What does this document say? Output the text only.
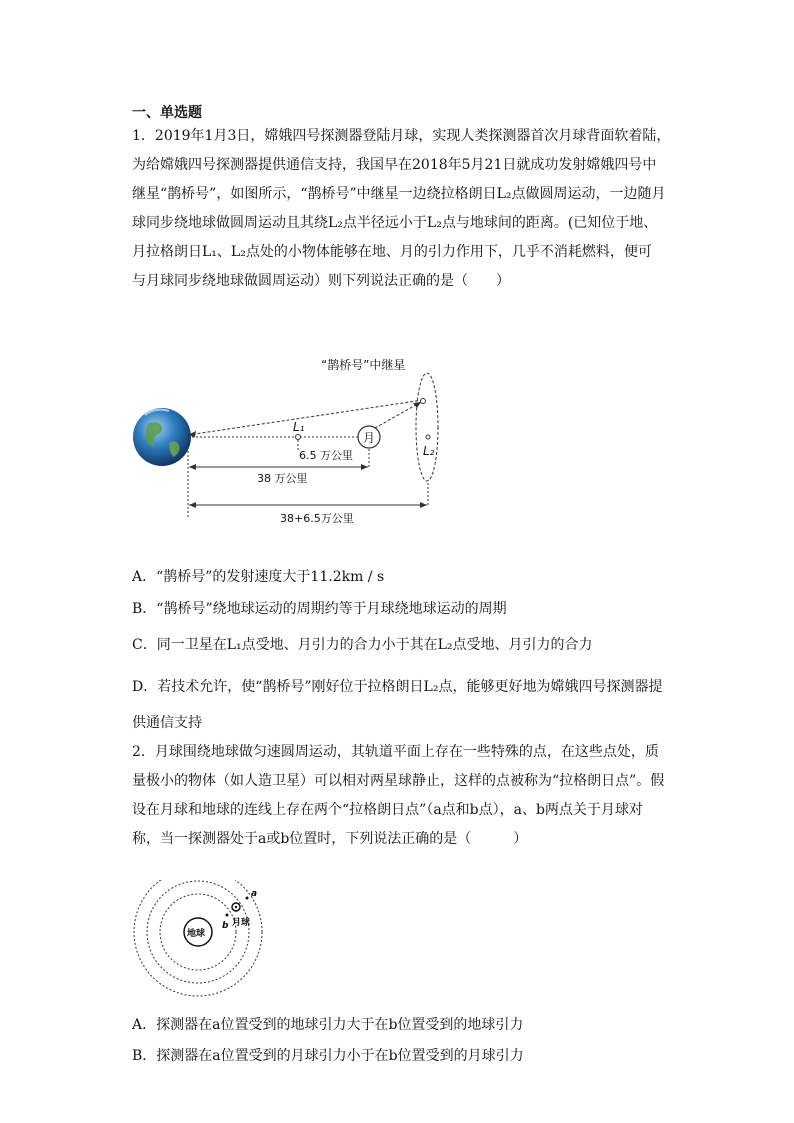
一、单选题
1．2019年1月3日，嫦娥四号探测器登陆月球，实现人类探测器首次月球背面软着陆，
为给嫦娥四号探测器提供通信支持，我国早在2018年5月21日就成功发射嫦娥四号中
继星“鹊桥号”，如图所示，“鹊桥号”中继星一边绕拉格朗日L₂点做圆周运动，一边随月
球同步绕地球做圆周运动且其绕L₂点半径远小于L₂点与地球间的距离。(已知位于地、
月拉格朗日L₁、L₂点处的小物体能够在地、月的引力作用下，几乎不消耗燃料，便可
与月球同步绕地球做圆周运动）则下列说法正确的是（　　）
“鹊桥号”中继星
L₁
月
L₂
6.5 万公里
38 万公里
38+6.5万公里
A．“鹊桥号”的发射速度大于11.2km / s
B．“鹊桥号”绕地球运动的周期约等于月球绕地球运动的周期
C．同一卫星在L₁点受地、月引力的合力小于其在L₂点受地、月引力的合力
D．若技术允许，使“鹊桥号”刚好位于拉格朗日L₂点，能够更好地为嫦娥四号探测器提
供通信支持
2．月球围绕地球做匀速圆周运动，其轨道平面上存在一些特殊的点，在这些点处，质
量极小的物体（如人造卫星）可以相对两星球静止，这样的点被称为“拉格朗日点”。假
设在月球和地球的连线上存在两个“拉格朗日点”（a点和b点），a、b两点关于月球对
称，当一探测器处于a或b位置时，下列说法正确的是（　　　）
地球
月球
a
b
A．探测器在a位置受到的地球引力大于在b位置受到的地球引力
B．探测器在a位置受到的月球引力小于在b位置受到的月球引力
